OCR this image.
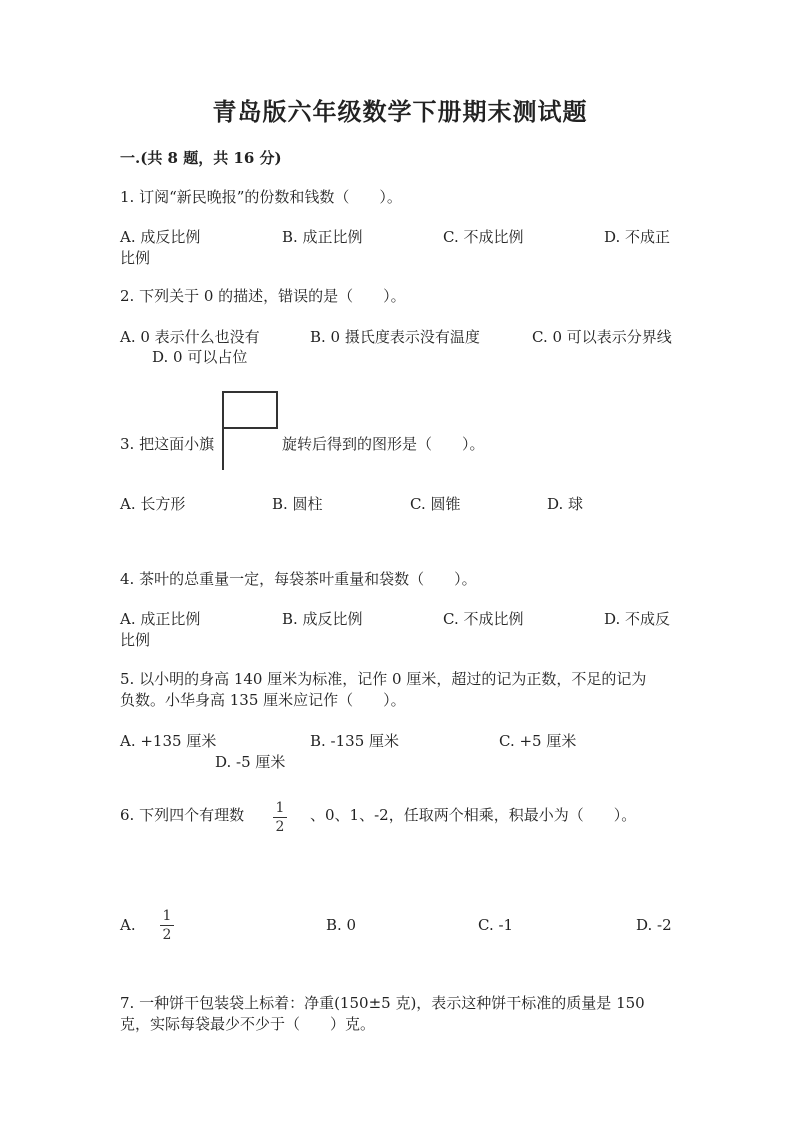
青岛版六年级数学下册期末测试题
一.(共 8 题，共 16 分)
1. 订阅“新民晚报”的份数和钱数（　　）。
A. 成反比例	B. 成正比例	C. 不成比例	D. 不成正
比例
2. 下列关于 0 的描述，错误的是（　　）。
A. 0 表示什么也没有	B. 0 摄氏度表示没有温度	C. 0 可以表示分界线
D. 0 可以占位
3. 把这面小旗	旋转后得到的图形是（　　）。
A. 长方形	B. 圆柱	C. 圆锥	D. 球
4. 茶叶的总重量一定，每袋茶叶重量和袋数（　　）。
A. 成正比例	B. 成反比例	C. 不成比例	D. 不成反
比例
5. 以小明的身高 140 厘米为标准，记作 0 厘米，超过的记为正数，不足的记为
负数。小华身高 135 厘米应记作（　　）。
A. +135 厘米	B. -135 厘米	C. +5 厘米
D. -5 厘米
6. 下列四个有理数	1
2
、0、1、-2，任取两个相乘，积最小为（　　）。
A.	1
2
B. 0	C. -1	D. -2
7. 一种饼干包装袋上标着：净重(150±5 克)，表示这种饼干标准的质量是 150
克，实际每袋最少不少于（　　）克。
